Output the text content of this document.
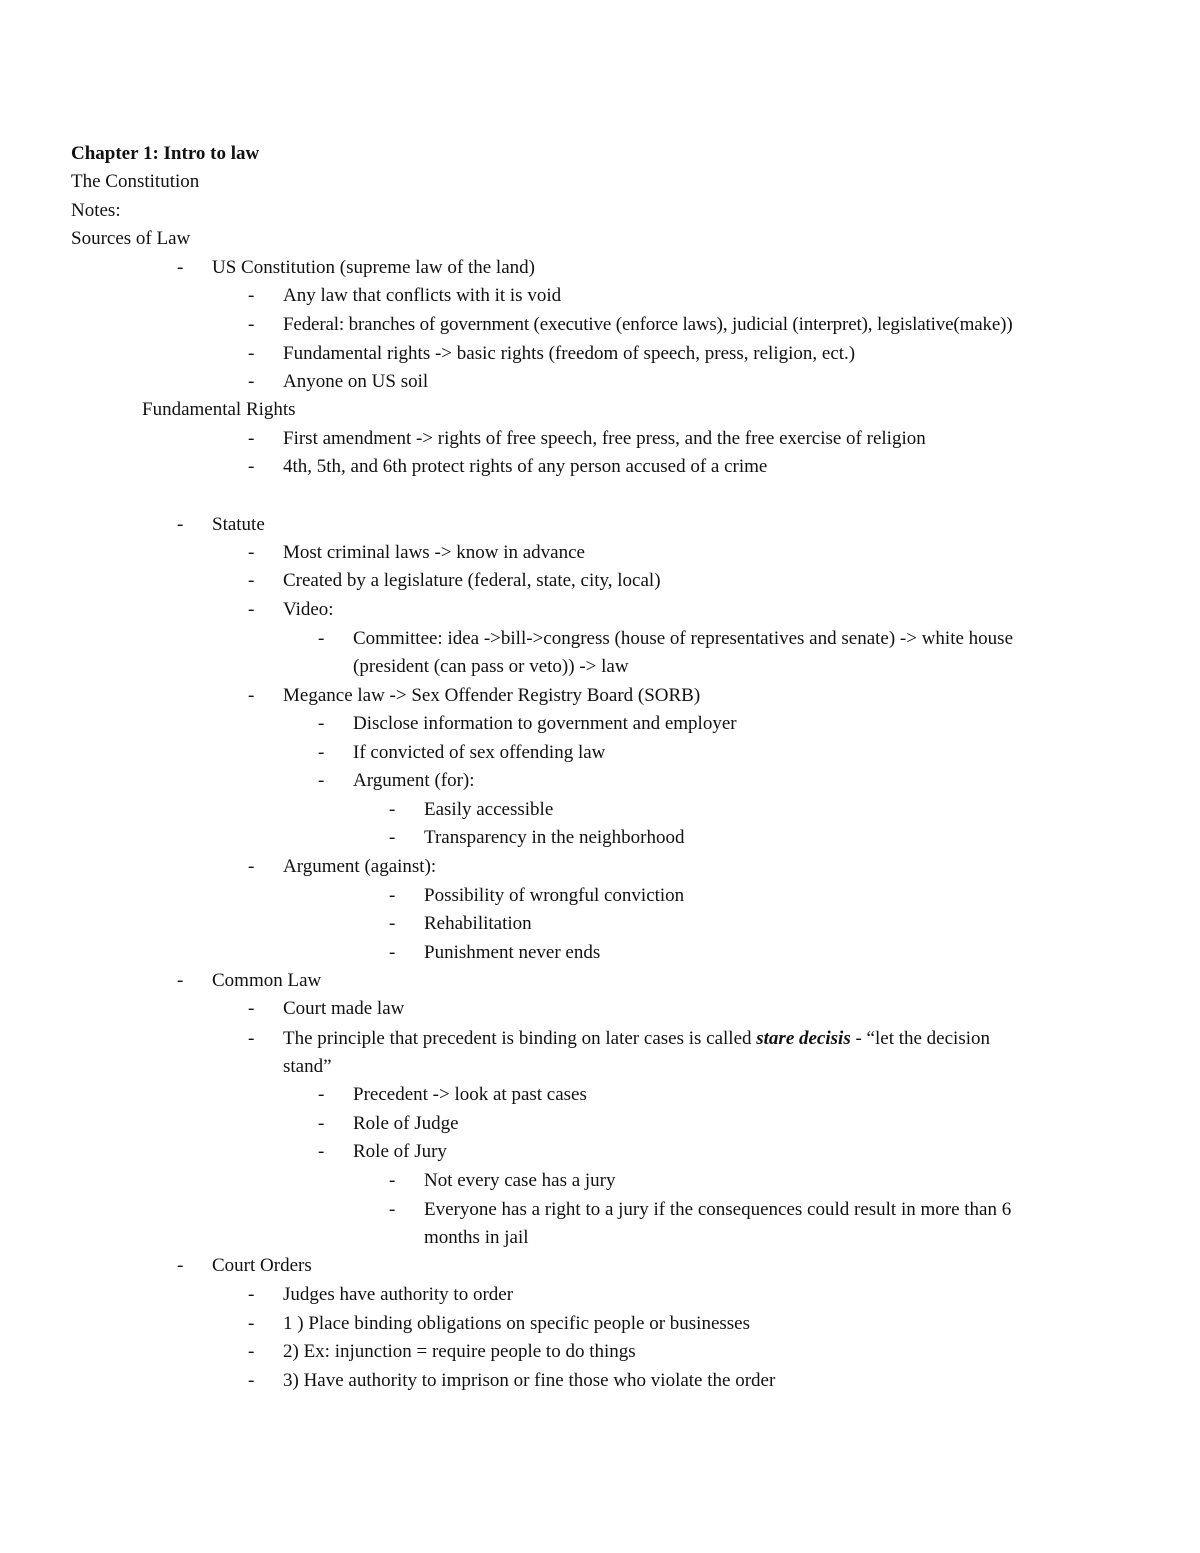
Chapter 1: Intro to law
The Constitution
Notes:
Sources of Law
- US Constitution (supreme law of the land)
- Any law that conflicts with it is void
- Federal: branches of government (executive (enforce laws), judicial (interpret), legislative(make))
- Fundamental rights -> basic rights (freedom of speech, press, religion, ect.)
- Anyone on US soil
Fundamental Rights
- First amendment -> rights of free speech, free press, and the free exercise of religion
- 4th, 5th, and 6th protect rights of any person accused of a crime
- Statute
- Most criminal laws -> know in advance
- Created by a legislature (federal, state, city, local)
- Video:
- Committee: idea ->bill->congress (house of representatives and senate) -> white house
(president (can pass or veto)) -> law
- Megance law -> Sex Offender Registry Board (SORB)
- Disclose information to government and employer
- If convicted of sex offending law
- Argument (for):
- Easily accessible
- Transparency in the neighborhood
- Argument (against):
- Possibility of wrongful conviction
- Rehabilitation
- Punishment never ends
- Common Law
- Court made law
- The principle that precedent is binding on later cases is called stare decisis - “let the decision
stand”
- Precedent -> look at past cases
- Role of Judge
- Role of Jury
- Not every case has a jury
- Everyone has a right to a jury if the consequences could result in more than 6
months in jail
- Court Orders
- Judges have authority to order
- 1 ) Place binding obligations on specific people or businesses
- 2) Ex: injunction = require people to do things
- 3) Have authority to imprison or fine those who violate the order
